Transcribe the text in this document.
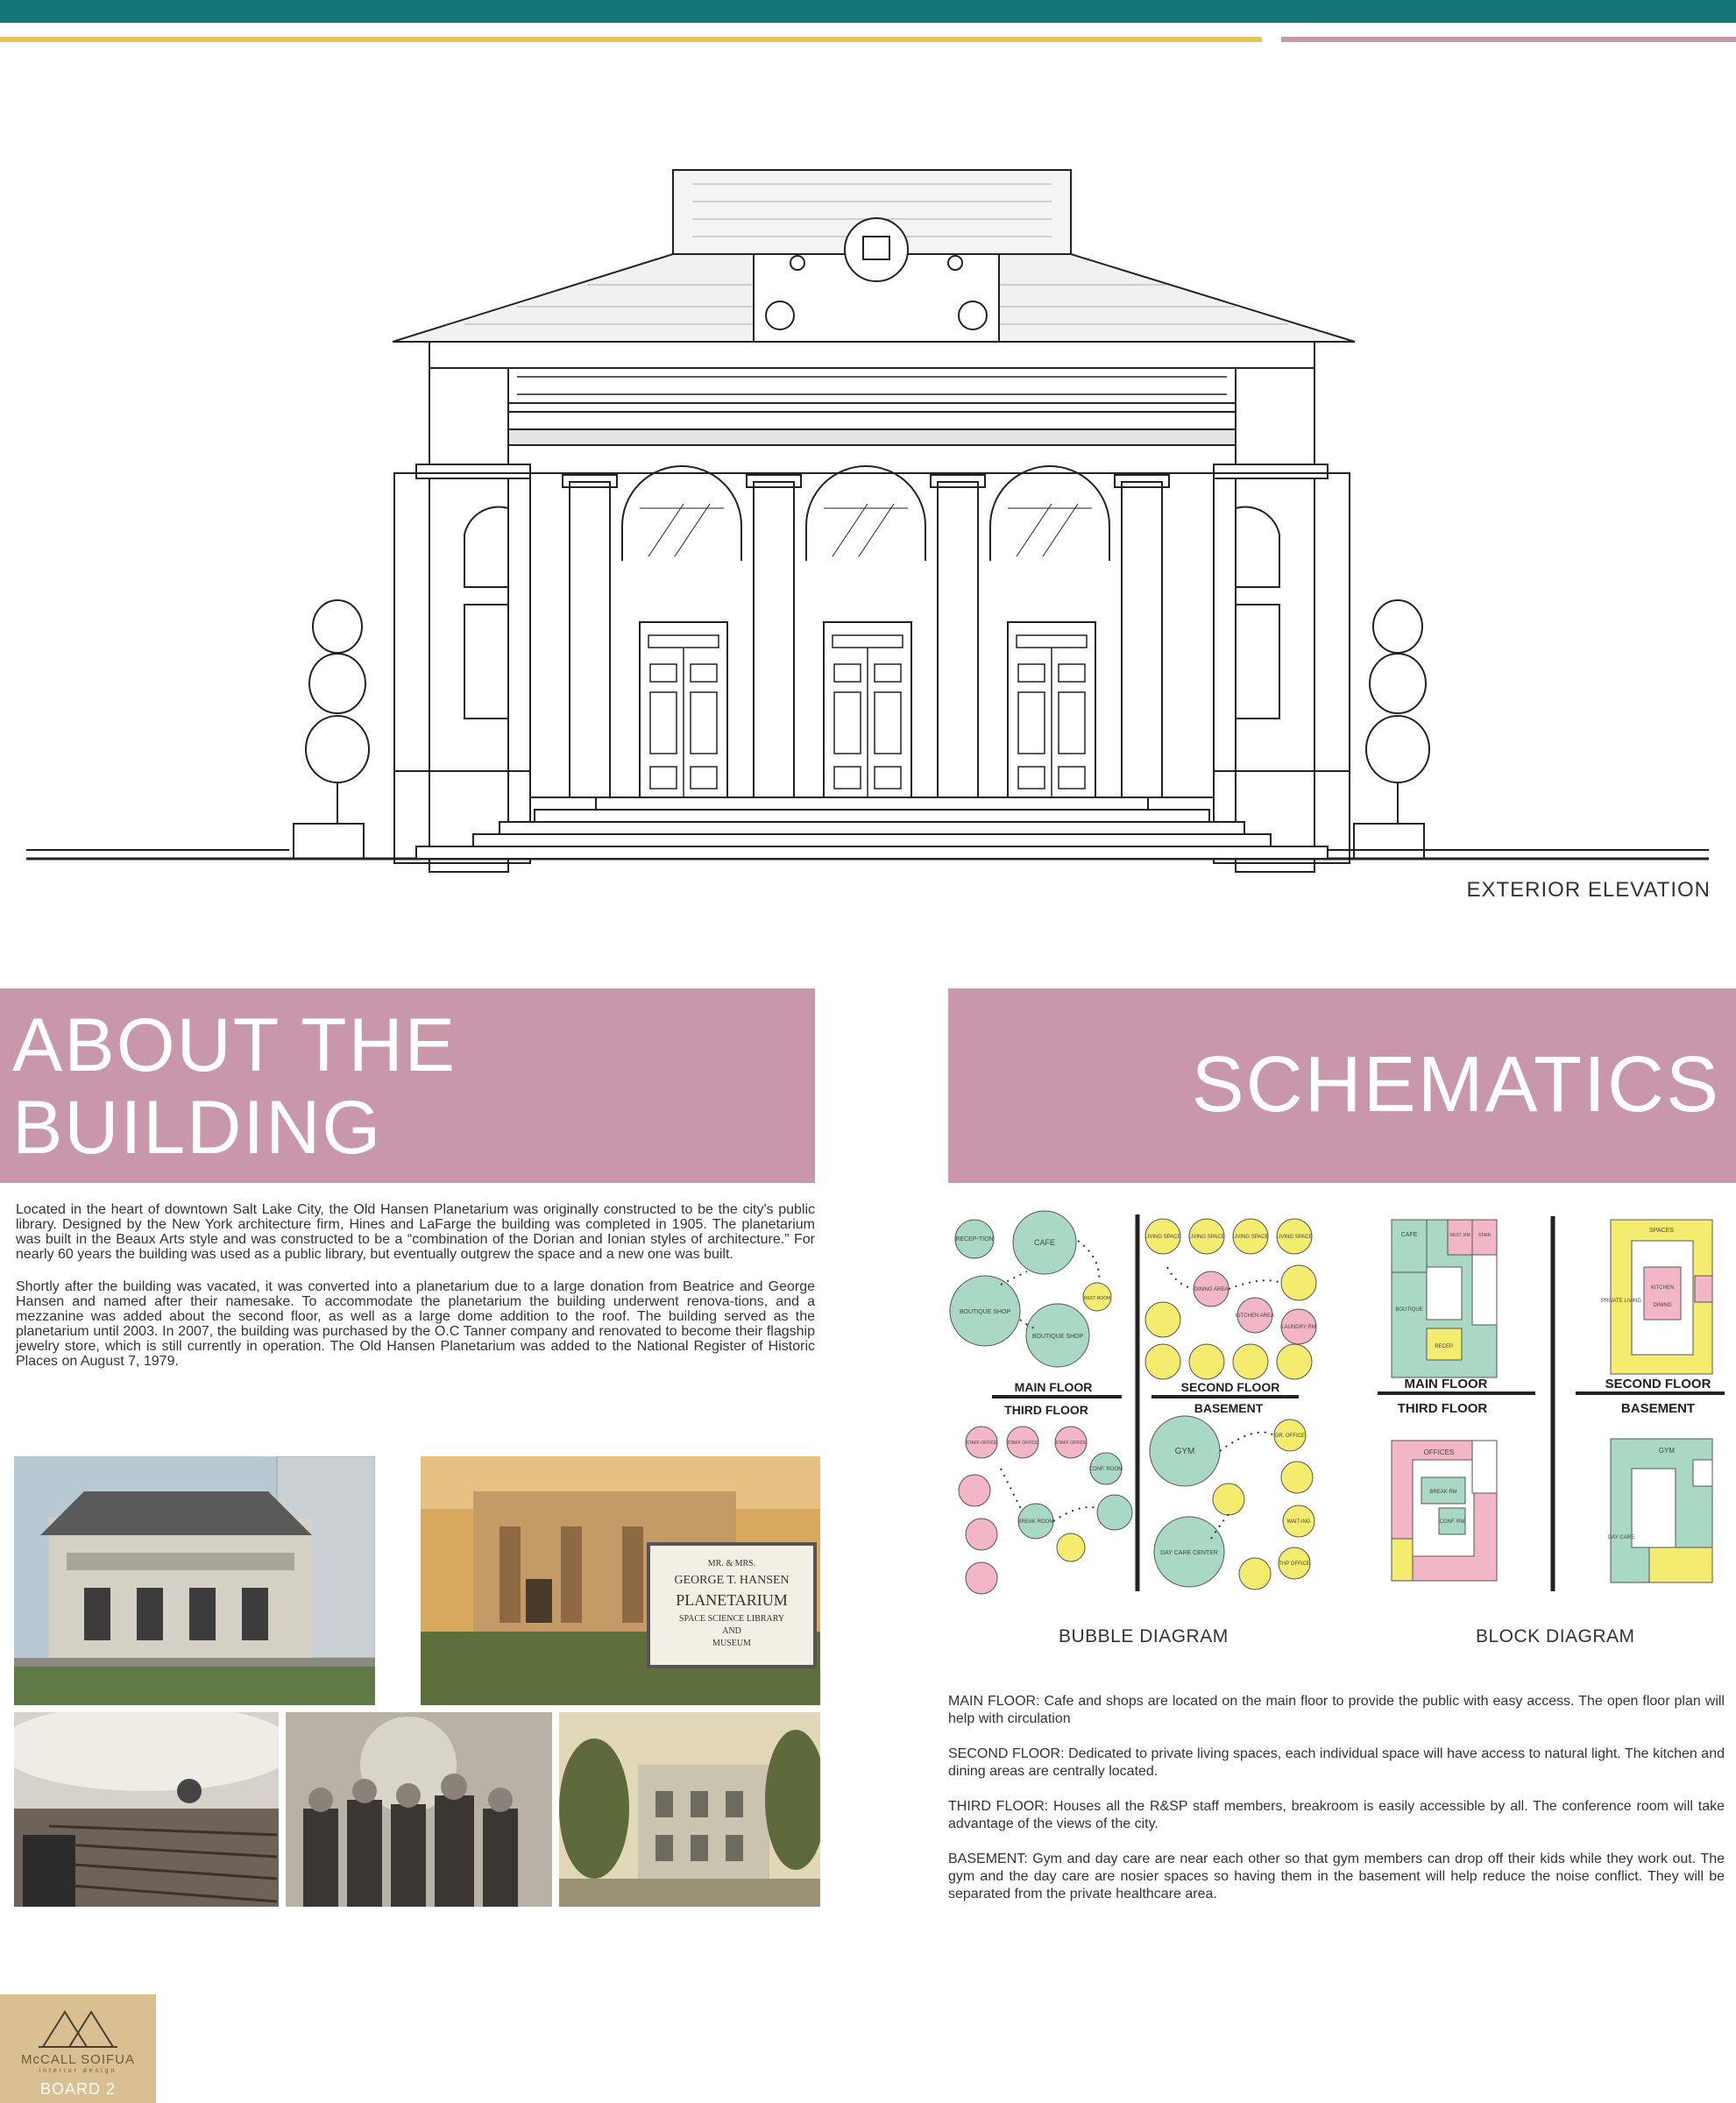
EXTERIOR ELEVATION
ABOUT THE
BUILDING	SCHEMATICS

Located in the heart of downtown Salt Lake City, the Old Hansen Planetarium was originally constructed to be the city's public library. Designed by the New York architecture firm, Hines and LaFarge the building was completed in 1905. The planetarium was built in the Beaux Arts style and was constructed to be a “combination of the Dorian and Ionian styles of architecture.” For nearly 60 years the building was used as a public library, but eventually outgrew the space and a new one was built.

Shortly after the building was vacated, it was converted into a planetarium due to a large donation from Beatrice and George Hansen and named after their namesake. To accommodate the planetarium the building underwent renova-tions, and a mezzanine was added about the second floor, as well as a large dome addition to the roof. The building served as the planetarium until 2003. In 2007, the building was purchased by the O.C Tanner company and renovated to become their flagship jewelry store, which is still currently in operation. The Old Hansen Planetarium was added to the National Register of Historic Places on August 7, 1979.

MR. & MRS.
GEORGE T. HANSEN
PLANETARIUM
SPACE SCIENCE LIBRARY
AND
MUSEUM
MAIN FLOOR
THIRD FLOOR
SECOND FLOOR
BASEMENT
RECEP-TION	CAFE
BOUTIQUE SHOP
BOUTIQUE SHOP
REST-ROOM
LIVING SPACE LIVING SPACE LIVING SPACE LIVING SPACE
DINING AREA
KITCHEN AREA
LAUNDRY RM
GYM
DAY CARE CENTER
DR. OFFICE
WAIT-ING
THP OFFICE
STAFF OFFICE STAFF OFFICE	STAFF OFFICE
CONF. ROOM
BREAK ROOM
BUBBLE DIAGRAM
MAIN FLOOR
THIRD FLOOR
SECOND FLOOR
BASEMENT
CAFE	REST. RM STAIR
BOUTIQUE
RECEP.
SPACES
PRIVATE LIVING
KITCHEN
DINING
OFFICES
BREAK RM
CONF. RM
GYM
DAY CARE
BLOCK DIAGRAM

MAIN FLOOR: Cafe and shops are located on the main floor to provide the public with easy access. The open floor plan will help with circulation

SECOND FLOOR: Dedicated to private living spaces, each individual space will have access to natural light. The kitchen and dining areas are centrally located.

THIRD FLOOR: Houses all the R&SP staff members, breakroom is easily accessible by all. The conference room will take advantage of the views of the city.

BASEMENT: Gym and day care are near each other so that gym members can drop off their kids while they work out. The gym and the day care are nosier spaces so having them in the basement will help reduce the noise conflict. They will be separated from the private healthcare area.

McCALL SOIFUA
interior design
BOARD 2
